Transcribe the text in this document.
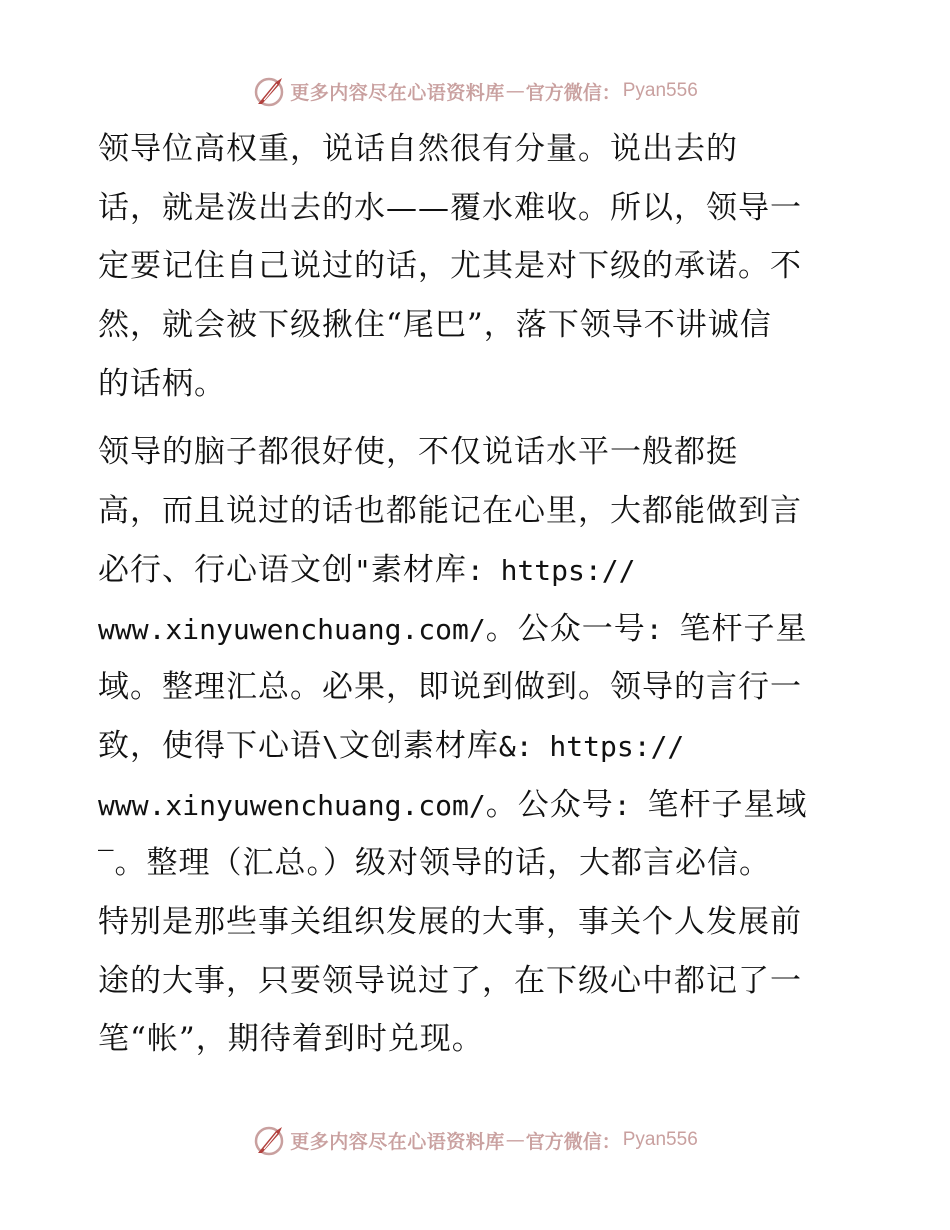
更多内容尽在心语资料库 — 官方微信： Pyan556
领导位高权重，说话自然很有分量。说出去的
话，就是泼出去的水——覆水难收。所以，领导一
定要记住自己说过的话，尤其是对下级的承诺。不
然，就会被下级揪住“尾巴”，落下领导不讲诚信
的话柄。
领导的脑子都很好使，不仅说话水平一般都挺
高，而且说过的话也都能记在心里，大都能做到言
必行、行心语文创"素材库: https://
www.xinyuwenchuang.com/。公众一号: 笔杆子星
域。整理汇总。必果，即说到做到。领导的言行一
致，使得下心语\文创素材库&: https://
www.xinyuwenchuang.com/。公众号: 笔杆子星域
‾。整理（汇总。）级对领导的话，大都言必信。
特别是那些事关组织发展的大事，事关个人发展前
途的大事，只要领导说过了，在下级心中都记了一
笔“帐”，期待着到时兑现。
更多内容尽在心语资料库 — 官方微信： Pyan556
